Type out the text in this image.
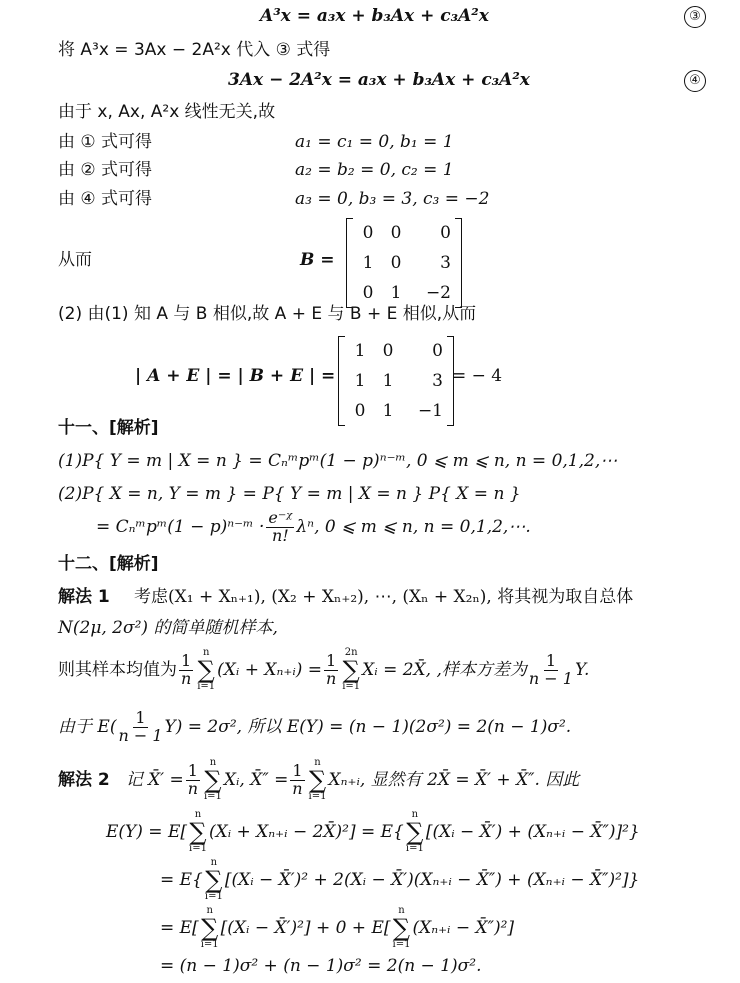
A³x = a₃x + b₃Ax + c₃A²x	③
将 A³x = 3Ax − 2A²x 代入 ③ 式得
3Ax − 2A²x = a₃x + b₃Ax + c₃A²x	④
由于 x, Ax, A²x 线性无关,故
由 ① 式可得	a₁ = c₁ = 0, b₁ = 1
由 ② 式可得	a₂ = b₂ = 0, c₂ = 1
由 ④ 式可得	a₃ = 0, b₃ = 3, c₃ = −2
从而	B =
0	0	0
1	0	3
0	1	−2
(2) 由(1) 知 A 与 B 相似,故 A + E 与 B + E 相似,从而
| A + E | = | B + E | =
1	0	0
1	1	3
0	1	−1
= − 4
十一、[解析]
(1)P{ Y = m | X = n } = Cₙᵐpᵐ(1 − p)ⁿ⁻ᵐ, 0 ⩽ m ⩽ n, n = 0,1,2,⋯
(2)P{ X = n, Y = m } = P{ Y = m | X = n } P{ X = n }
= Cₙᵐpᵐ(1 − p)ⁿ⁻ᵐ · $\frac{\text{e⁻ᵡ}}{n!} \lambda^n$, 0 ⩽ m ⩽ n, n = 0,1,2,⋯.
十二、[解析]
解法 1 考虑(X₁ + Xₙ₊₁), (X₂ + Xₙ₊₂), ⋯, (Xₙ + X₂ₙ), 将其视为取自总体
N(2μ, 2σ²) 的简单随机样本,
则其样本均值为 $\frac{1}{n}$
n
∑
i=1
(Xᵢ + Xₙ₊ᵢ) = $\frac{1}{n}$
2n
∑
i=1
Xᵢ = 2X̄, ,样本方差为 $\frac{1}{n - 1} Y$.
由于 $E( \frac{1}{n - 1} Y) = 2\sigma^2$, 所以 E(Y) = (n − 1)(2σ²) = 2(n − 1)σ².
解法 2 记 X̄′ = $\frac{1}{n}$
n
∑
i=1
Xᵢ, X̄″ = $\frac{1}{n}$
n
∑
i=1
Xₙ₊ᵢ, 显然有 2X̄ = X̄′ + X̄″. 因此
E(Y) = E[
n
∑
i=1
(Xᵢ + Xₙ₊ᵢ − 2X̄)²] = E{
n
∑
i=1
[(Xᵢ − X̄′) + (Xₙ₊ᵢ − X̄″)]²}
= E{
n
∑
i=1
[(Xᵢ − X̄′)² + 2(Xᵢ − X̄′)(Xₙ₊ᵢ − X̄″) + (Xₙ₊ᵢ − X̄″)²]}
= E[
n
∑
i=1
[(Xᵢ − X̄′)²] + 0 + E[
n
∑
i=1
(Xₙ₊ᵢ − X̄″)²]
= (n − 1)σ² + (n − 1)σ² = 2(n − 1)σ².
